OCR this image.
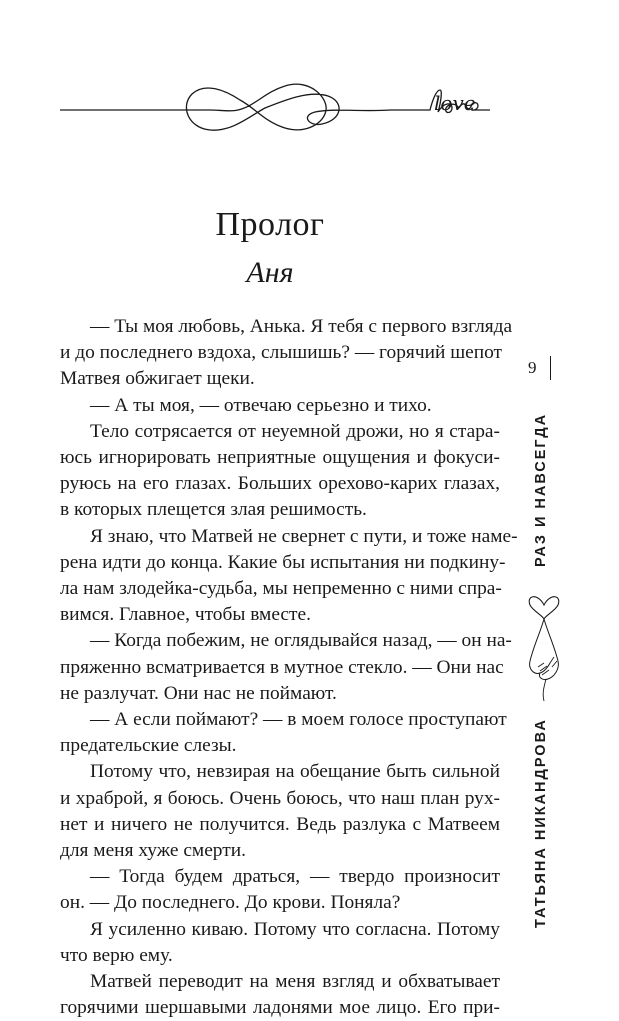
love
Пролог
Аня
— Ты моя любовь, Анька. Я тебя с первого взгляда
и до последнего вздоха, слышишь? — горячий шепот
Матвея обжигает щеки.
— А ты моя, — отвечаю серьезно и тихо.
Тело сотрясается от неуемной дрожи, но я стара-
юсь игнорировать неприятные ощущения и фокуси-
руюсь на его глазах. Больших орехово-карих глазах,
в которых плещется злая решимость.
Я знаю, что Матвей не свернет с пути, и тоже наме-
рена идти до конца. Какие бы испытания ни подкину-
ла нам злодейка-судьба, мы непременно с ними спра-
вимся. Главное, чтобы вместе.
— Когда побежим, не оглядывайся назад, — он на-
пряженно всматривается в мутное стекло. — Они нас
не разлучат. Они нас не поймают.
— А если поймают? — в моем голосе проступают
предательские слезы.
Потому что, невзирая на обещание быть сильной
и храброй, я боюсь. Очень боюсь, что наш план рух-
нет и ничего не получится. Ведь разлука с Матвеем
для меня хуже смерти.
— Тогда будем драться, — твердо произносит
он. — До последнего. До крови. Поняла?
Я усиленно киваю. Потому что согласна. Потому
что верю ему.
Матвей переводит на меня взгляд и обхватывает
горячими шершавыми ладонями мое лицо. Его при-
9
РАЗ И НАВСЕГДА
ТАТЬЯНА НИКАНДРОВА
love
